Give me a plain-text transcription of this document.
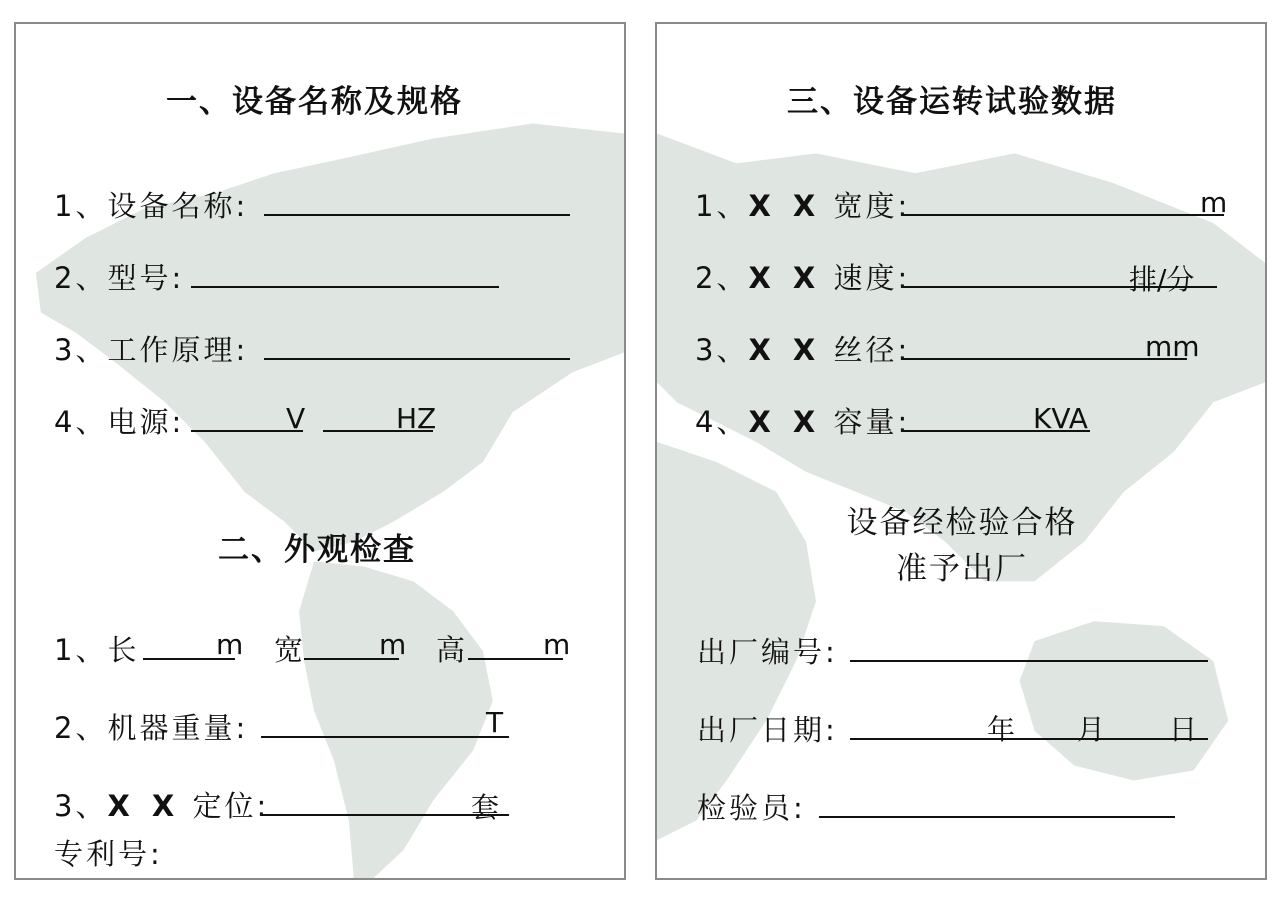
一、设备名称及规格
1、设备名称:
2、型号:
3、工作原理:
4、电源:	V	HZ
二、外观检查
1、长	m 宽	m 高	m
2、机器重量:	T
3、X X 定位:	套
专利号:
三、设备运转试验数据
1、X X 宽度:	m
2、X X 速度:	排/分
3、X X 丝径:	mm
4、X X 容量:	KVA
设备经检验合格
准予出厂
出厂编号:
出厂日期:	年 月 日
检验员:
